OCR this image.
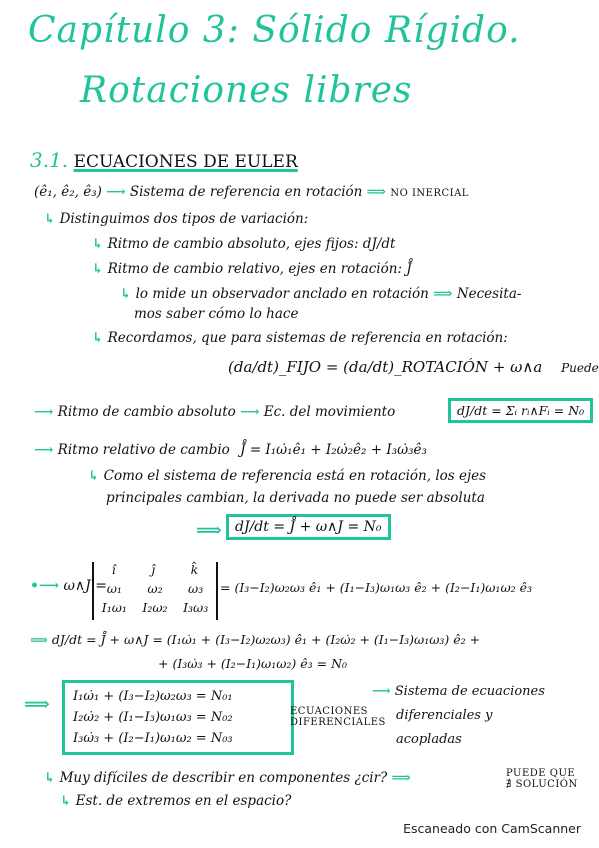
Capítulo 3: Sólido Rígido.
Rotaciones libres
3.1. ECUACIONES DE EULER
(ê₁, ê₂, ê₃) ⟶ Sistema de referencia en rotación ⟹ NO INERCIAL
↳ Distinguimos dos tipos de variación:
↳ Ritmo de cambio absoluto, ejes fijos: dJ/dt
↳ Ritmo de cambio relativo, ejes en rotación: J̊
↳ lo mide un observador anclado en rotación ⟹ Necesita-
mos saber cómo lo hace
↳ Recordamos, que para sistemas de referencia en rotación:
(da/dt)_FIJO = (da/dt)_ROTACIÓN + ω∧a Puede
⟶ Ritmo de cambio absoluto ⟶ Ec. del movimiento	dJ/dt = Σᵢ rᵢ∧Fᵢ = N₀
⟶ Ritmo relativo de cambio J̊ = I₁ω̇₁ê₁ + I₂ω̇₂ê₂ + I₃ω̇₃ê₃
↳ Como el sistema de referencia está en rotación, los ejes
principales cambian, la derivada no puede ser absoluta
⟹ dJ/dt = J̊ + ω∧J = N₀
•⟶ ω∧J =
î	ĵ	k̂
ω₁ ω₂ ω₃
I₁ω₁ I₂ω₂ I₃ω₃
= (I₃−I₂)ω₂ω₃ ê₁ + (I₁−I₃)ω₁ω₃ ê₂ + (I₂−I₁)ω₁ω₂ ê₃
⟹ dJ/dt = J̊ + ω∧J = (I₁ω̇₁ + (I₃−I₂)ω₂ω₃) ê₁ + (I₂ω̇₂ + (I₁−I₃)ω₁ω₃) ê₂ +
+ (I₃ω̇₃ + (I₂−I₁)ω₁ω₂) ê₃ = N₀
⟹ I₁ω̇₁ + (I₃−I₂)ω₂ω₃ = N₀₁
I₂ω̇₂ + (I₁−I₃)ω₁ω₃ = N₀₂
I₃ω̇₃ + (I₂−I₁)ω₁ω₂ = N₀₃
ECUACIONES
DIFERENCIALES
⟶ Sistema de ecuaciones
diferenciales y
acopladas
↳ Muy difíciles de describir en componentes ¿cir? ⟹
↳ Est. de extremos en el espacio?
PUEDE QUE
∄ SOLUCIÓN
Escaneado con CamScanner
